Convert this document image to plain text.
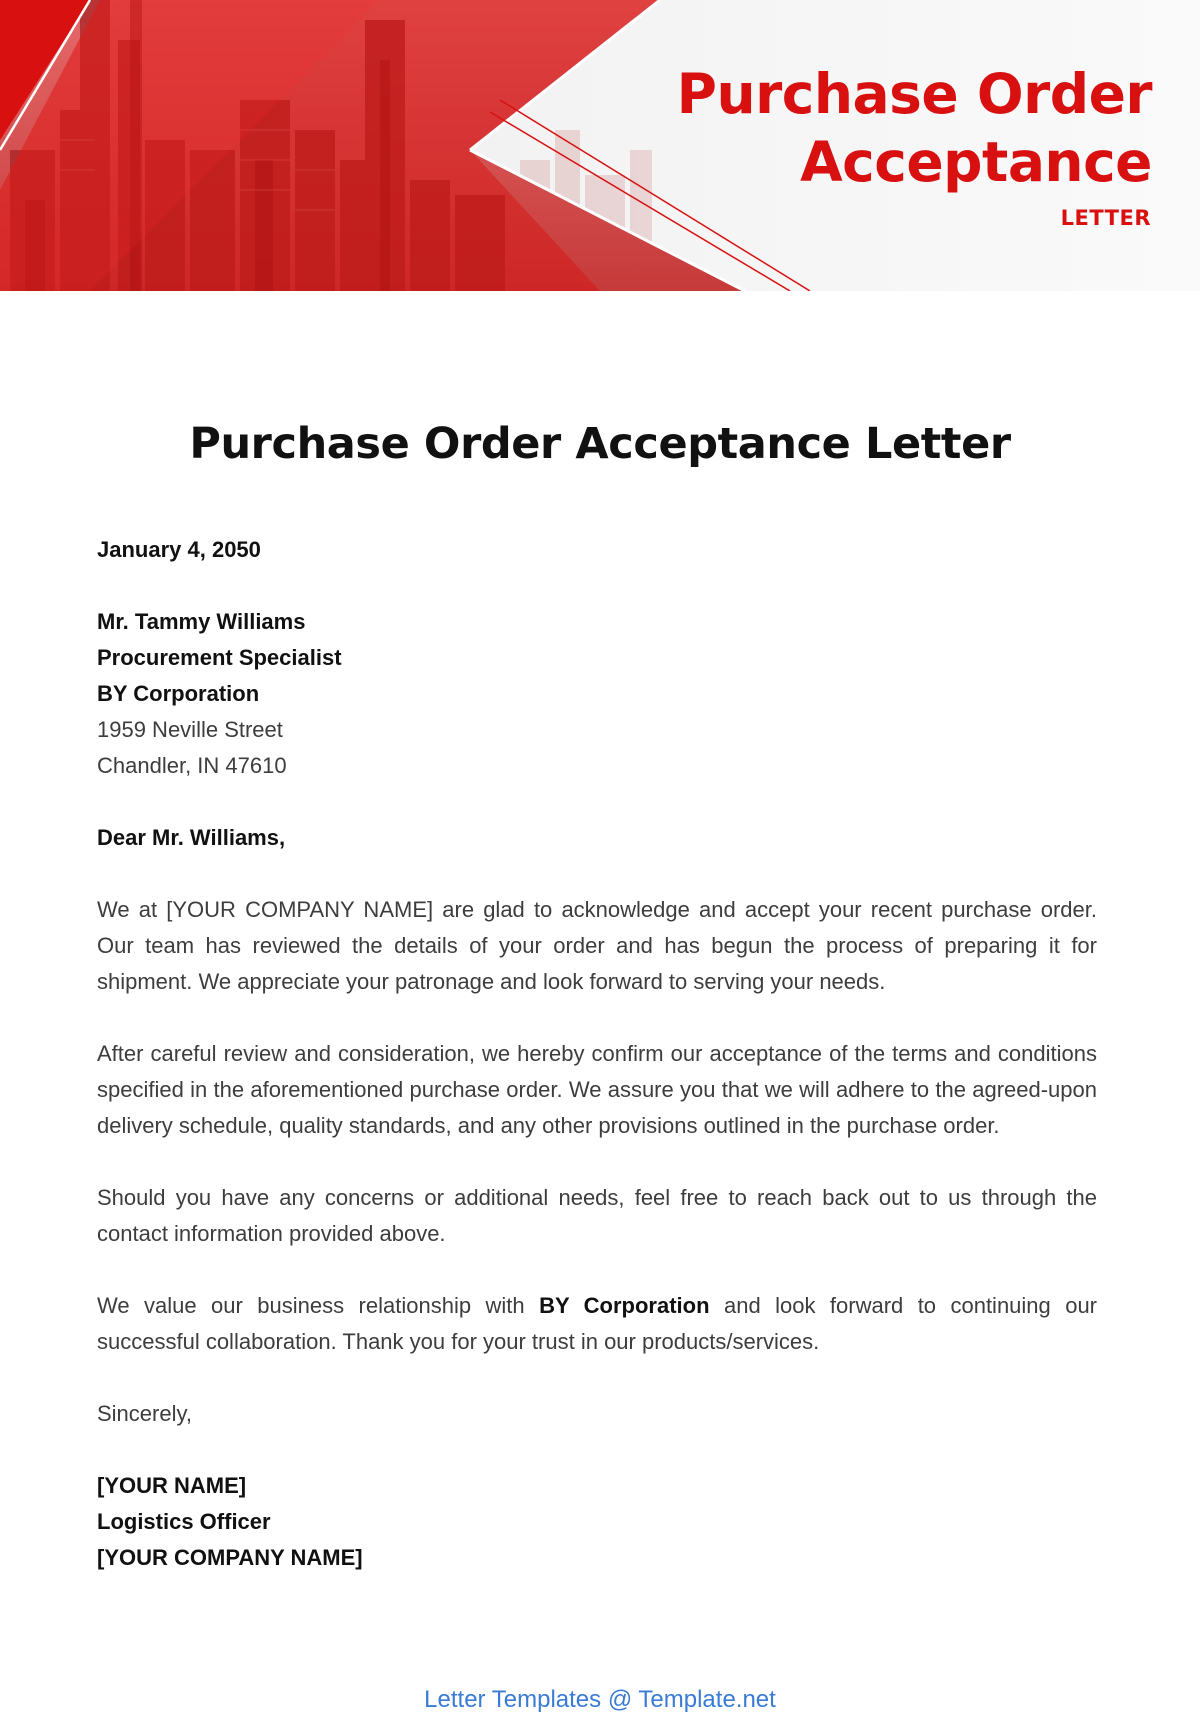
Purchase Order
Acceptance
LETTER
Purchase Order Acceptance Letter
January 4, 2050
Mr. Tammy Williams
Procurement Specialist
BY Corporation
1959 Neville Street
Chandler, IN 47610
Dear Mr. Williams,

We at [YOUR COMPANY NAME] are glad to acknowledge and accept your recent purchase order. Our team has reviewed the details of your order and has begun the process of preparing it for shipment. We appreciate your patronage and look forward to serving your needs.

After careful review and consideration, we hereby confirm our acceptance of the terms and conditions specified in the aforementioned purchase order. We assure you that we will adhere to the agreed-upon delivery schedule, quality standards, and any other provisions outlined in the purchase order.

Should you have any concerns or additional needs, feel free to reach back out to us through the contact information provided above.

We value our business relationship with BY Corporation and look forward to continuing our successful collaboration. Thank you for your trust in our products/services.

Sincerely,
[YOUR NAME]
Logistics Officer
[YOUR COMPANY NAME]
Letter Templates @ Template.net
